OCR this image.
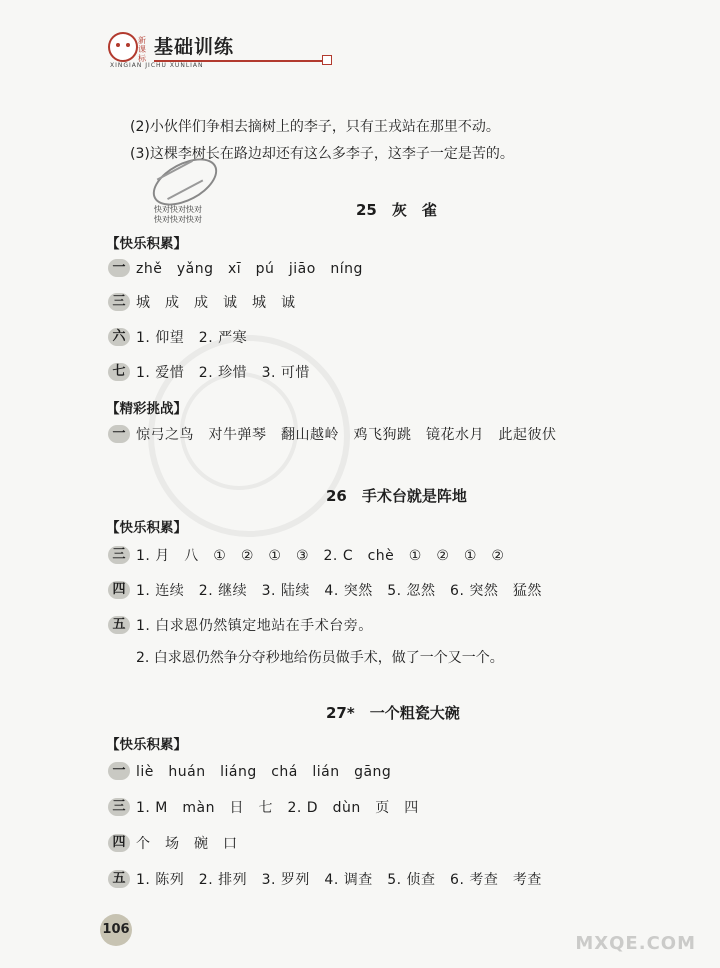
新课标
基础训练
XINGIAN JICHU XUNLIAN
(2)小伙伴们争相去摘树上的李子，只有王戎站在那里不动。
(3)这棵李树长在路边却还有这么多李子，这李子一定是苦的。
快对快对快对
快对快对快对
25　灰　雀
【快乐积累】
一 zhě　yǎng　xī　pú　jiāo　níng
三 城　成　成　诚　城　诚
六 1. 仰望　2. 严寒
七 1. 爱惜　2. 珍惜　3. 可惜
【精彩挑战】
一 惊弓之鸟　对牛弹琴　翻山越岭　鸡飞狗跳　镜花水月　此起彼伏
26　手术台就是阵地
【快乐积累】
三 1. 月　八　①　②　①　③　2. C　chè　①　②　①　②
四 1. 连续　2. 继续　3. 陆续　4. 突然　5. 忽然　6. 突然　猛然
五 1. 白求恩仍然镇定地站在手术台旁。
2. 白求恩仍然争分夺秒地给伤员做手术，做了一个又一个。
27*　一个粗瓷大碗
【快乐积累】
一 liè　huán　liáng　chá　lián　gāng
三 1. M　màn　日　七　2. D　dùn　页　四
四 个　场　碗　口
五 1. 陈列　2. 排列　3. 罗列　4. 调查　5. 侦查　6. 考查　考查
106
MXQE.COM
